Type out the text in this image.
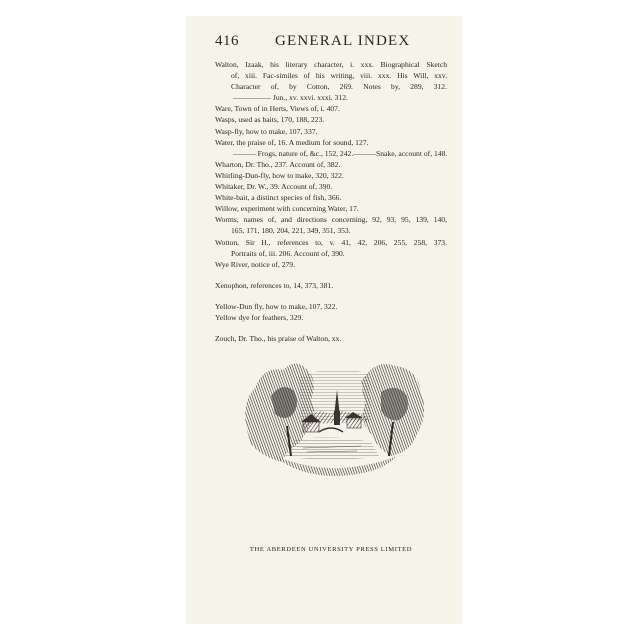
416 GENERAL INDEX
Walton, Izaak, his literary character, i. xxx. Biographical Sketch
of, xiii. Fac-similes of his writing, viii. xxx. His Will, xxv.
Character of, by Cotton, 269. Notes by, 289, 312.
————— Jun., xv. xxvi. xxxi. 312.
Ware, Town of in Herts, Views of, i. 407.
Wasps, used as baits, 170, 188, 223.
Wasp-fly, how to make, 107, 337.
Water, the praise of, 16. A medium for sound, 127.
——— Frogs, nature of, &c., 152, 242.———Snake, account of, 148.
Wharton, Dr. Tho., 237. Account of, 382.
Whirling-Dun-fly, how to make, 320, 322.
Whitaker, Dr. W., 39. Account of, 390.
White-bait, a distinct species of fish, 366.
Willow, experiment with concerning Water, 17.
Worms, names of, and directions concerning, 92, 93, 95, 139, 140,
165, 171, 180, 204, 221, 349, 351, 353.
Wotton, Sir H., references to, v. 41, 42, 206, 255, 258, 373.
Portraits of, iii. 206. Account of, 390.
Wye River, notice of, 279.
Xenophon, references to, 14, 373, 381.
Yellow-Dun fly, how to make, 107, 322.
Yellow dye for feathers, 329.
Zouch, Dr. Tho., his praise of Walton, xx.
THE ABERDEEN UNIVERSITY PRESS LIMITED
